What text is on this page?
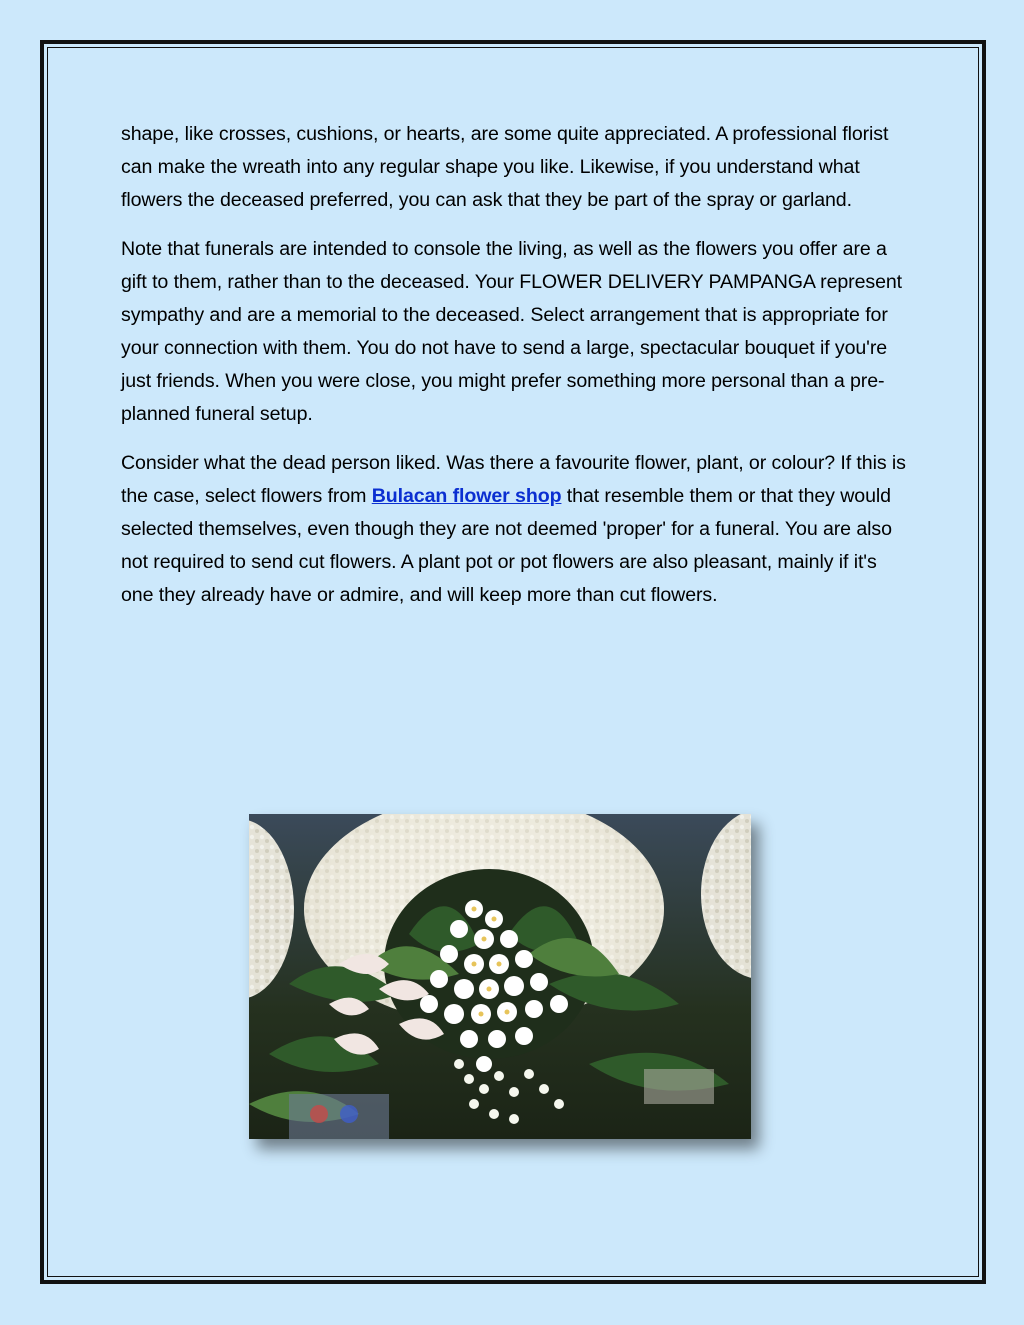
shape, like crosses, cushions, or hearts, are some quite appreciated. A professional florist can make the wreath into any regular shape you like. Likewise, if you understand what flowers the deceased preferred, you can ask that they be part of the spray or garland.

Note that funerals are intended to console the living, as well as the flowers you offer are a gift to them, rather than to the deceased. Your FLOWER DELIVERY PAMPANGA represent sympathy and are a memorial to the deceased. Select arrangement that is appropriate for your connection with them. You do not have to send a large, spectacular bouquet if you're just friends. When you were close, you might prefer something more personal than a pre-planned funeral setup.

Consider what the dead person liked. Was there a favourite flower, plant, or colour? If this is the case, select flowers from Bulacan flower shop that resemble them or that they would selected themselves, even though they are not deemed 'proper' for a funeral. You are also not required to send cut flowers. A plant pot or pot flowers are also pleasant, mainly if it's one they already have or admire, and will keep more than cut flowers.
